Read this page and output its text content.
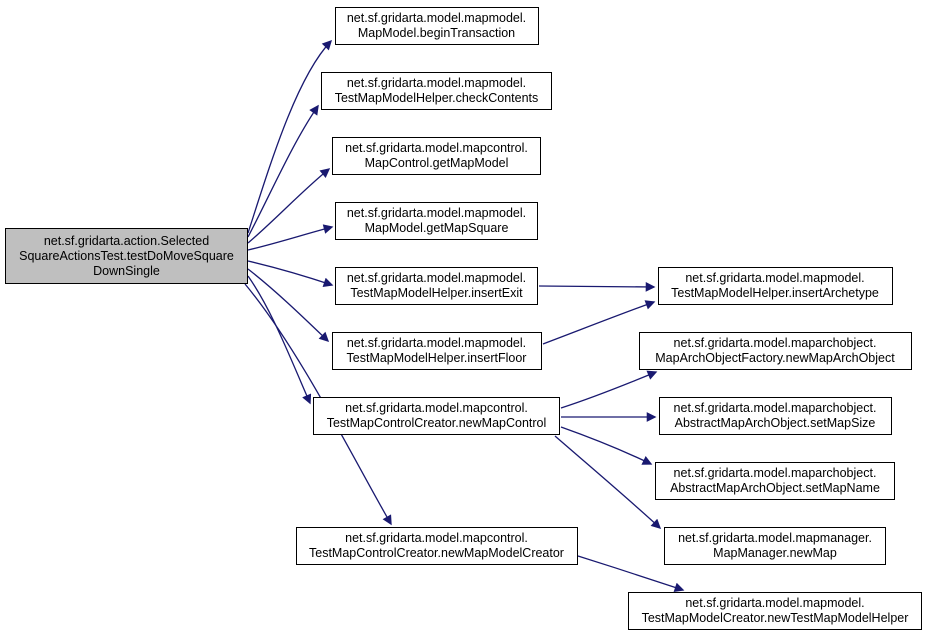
net.sf.gridarta.action.Selected
SquareActionsTest.testDoMoveSquare
DownSingle
net.sf.gridarta.model.mapmodel.
MapModel.beginTransaction
net.sf.gridarta.model.mapmodel.
TestMapModelHelper.checkContents
net.sf.gridarta.model.mapcontrol.
MapControl.getMapModel
net.sf.gridarta.model.mapmodel.
MapModel.getMapSquare
net.sf.gridarta.model.mapmodel.
TestMapModelHelper.insertExit
net.sf.gridarta.model.mapmodel.
TestMapModelHelper.insertFloor
net.sf.gridarta.model.mapcontrol.
TestMapControlCreator.newMapControl
net.sf.gridarta.model.mapcontrol.
TestMapControlCreator.newMapModelCreator
net.sf.gridarta.model.mapmodel.
TestMapModelHelper.insertArchetype
net.sf.gridarta.model.maparchobject.
MapArchObjectFactory.newMapArchObject
net.sf.gridarta.model.maparchobject.
AbstractMapArchObject.setMapSize
net.sf.gridarta.model.maparchobject.
AbstractMapArchObject.setMapName
net.sf.gridarta.model.mapmanager.
MapManager.newMap
net.sf.gridarta.model.mapmodel.
TestMapModelCreator.newTestMapModelHelper
